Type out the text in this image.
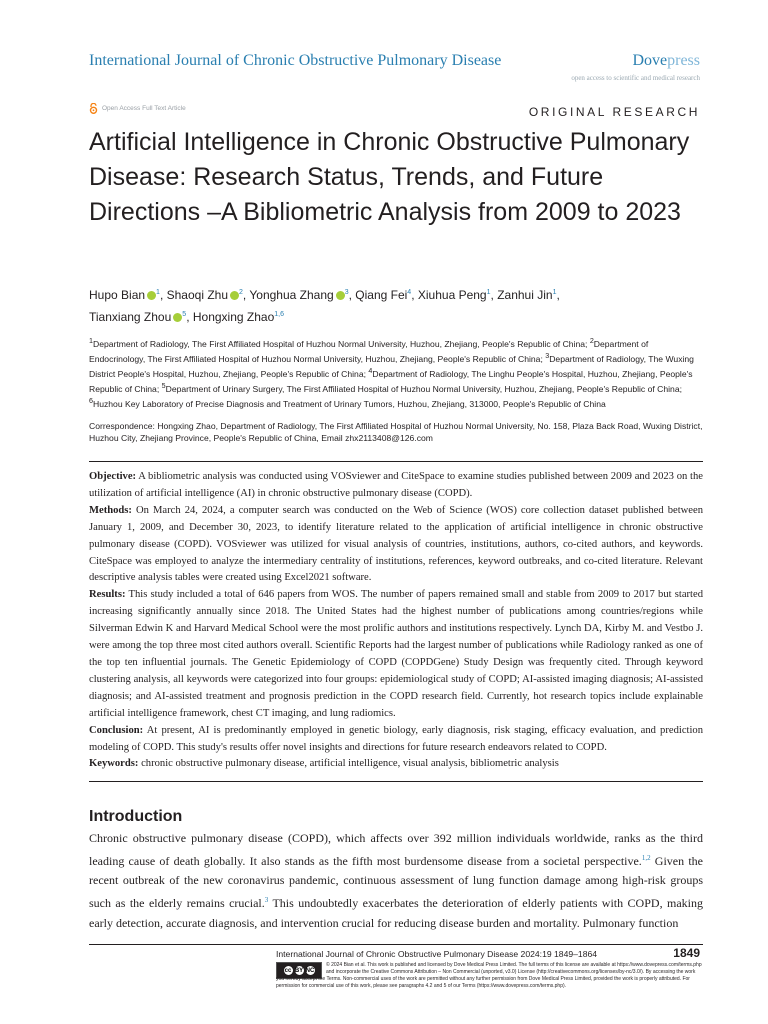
International Journal of Chronic Obstructive Pulmonary Disease	Dovepress
open access to scientific and medical research
Open Access Full Text Article	ORIGINAL RESEARCH
Artificial Intelligence in Chronic Obstructive Pulmonary Disease: Research Status, Trends, and Future Directions –A Bibliometric Analysis from 2009 to 2023
Hupo Bian $^1$, Shaoqi Zhu $^2$, Yonghua Zhang $^3$, Qiang Fei$^4$, Xiuhua Peng$^1$, Zanhui Jin$^1$,
Tianxiang Zhou $^5$, Hongxing Zhao$^{1,6}$
$^1$Department of Radiology, The First Affiliated Hospital of Huzhou Normal University, Huzhou, Zhejiang, People's Republic of China; $^2$Department of Endocrinology, The First Affiliated Hospital of Huzhou Normal University, Huzhou, Zhejiang, People's Republic of China; $^3$Department of Radiology, The Wuxing District People's Hospital, Huzhou, Zhejiang, People's Republic of China; $^4$Department of Radiology, The Linghu People's Hospital, Huzhou, Zhejiang, People's Republic of China; $^5$Department of Urinary Surgery, The First Affiliated Hospital of Huzhou Normal University, Huzhou, Zhejiang, People's Republic of China; $^6$Huzhou Key Laboratory of Precise Diagnosis and Treatment of Urinary Tumors, Huzhou, Zhejiang, 313000, People's Republic of China
Correspondence: Hongxing Zhao, Department of Radiology, The First Affiliated Hospital of Huzhou Normal University, No. 158, Plaza Back Road, Wuxing District, Huzhou City, Zhejiang Province, People's Republic of China, Email zhx2113408@126.com

Objective: A bibliometric analysis was conducted using VOSviewer and CiteSpace to examine studies published between 2009 and 2023 on the utilization of artificial intelligence (AI) in chronic obstructive pulmonary disease (COPD).

Methods: On March 24, 2024, a computer search was conducted on the Web of Science (WOS) core collection dataset published between January 1, 2009, and December 30, 2023, to identify literature related to the application of artificial intelligence in chronic obstructive pulmonary disease (COPD). VOSviewer was utilized for visual analysis of countries, institutions, authors, co-cited authors, and keywords. CiteSpace was employed to analyze the intermediary centrality of institutions, references, keyword outbreaks, and co-cited literature. Relevant descriptive analysis tables were created using Excel2021 software.

Results: This study included a total of 646 papers from WOS. The number of papers remained small and stable from 2009 to 2017 but started increasing significantly annually since 2018. The United States had the highest number of publications among countries/regions while Silverman Edwin K and Harvard Medical School were the most prolific authors and institutions respectively. Lynch DA, Kirby M. and Vestbo J. were among the top three most cited authors overall. Scientific Reports had the largest number of publications while Radiology ranked as one of the top ten influential journals. The Genetic Epidemiology of COPD (COPDGene) Study Design was frequently cited. Through keyword clustering analysis, all keywords were categorized into four groups: epidemiological study of COPD; AI-assisted imaging diagnosis; AI-assisted diagnosis; and AI-assisted treatment and prognosis prediction in the COPD research field. Currently, hot research topics include explainable artificial intelligence framework, chest CT imaging, and lung radiomics.

Conclusion: At present, AI is predominantly employed in genetic biology, early diagnosis, risk staging, efficacy evaluation, and prediction modeling of COPD. This study's results offer novel insights and directions for future research endeavors related to COPD.

Keywords: chronic obstructive pulmonary disease, artificial intelligence, visual analysis, bibliometric analysis

Introduction

Chronic obstructive pulmonary disease (COPD), which affects over 392 million individuals worldwide, ranks as the third leading cause of death globally. It also stands as the fifth most burdensome disease from a societal perspective.$^{1,2}$ Given the recent outbreak of the new coronavirus pandemic, continuous assessment of lung function damage among high-risk groups such as the elderly remains crucial.$^3$ This undoubtedly exacerbates the deterioration of elderly patients with COPD, making early detection, accurate diagnosis, and intervention crucial for reducing disease burden and mortality. Pulmonary function

International Journal of Chronic Obstructive Pulmonary Disease 2024:19 1849–1864	1849
cc BY NC
© 2024 Bian et al. This work is published and licensed by Dove Medical Press Limited. The full terms of this license are available at https://www.dovepress.com/terms.php and incorporate the Creative Commons Attribution – Non Commercial (unported, v3.0) License (http://creativecommons.org/licenses/by-nc/3.0/). By accessing the work
you hereby accept the Terms. Non-commercial uses of the work are permitted without any further permission from Dove Medical Press Limited, provided the work is properly attributed. For permission for commercial use of this work, please see paragraphs 4.2 and 5 of our Terms (https://www.dovepress.com/terms.php).
